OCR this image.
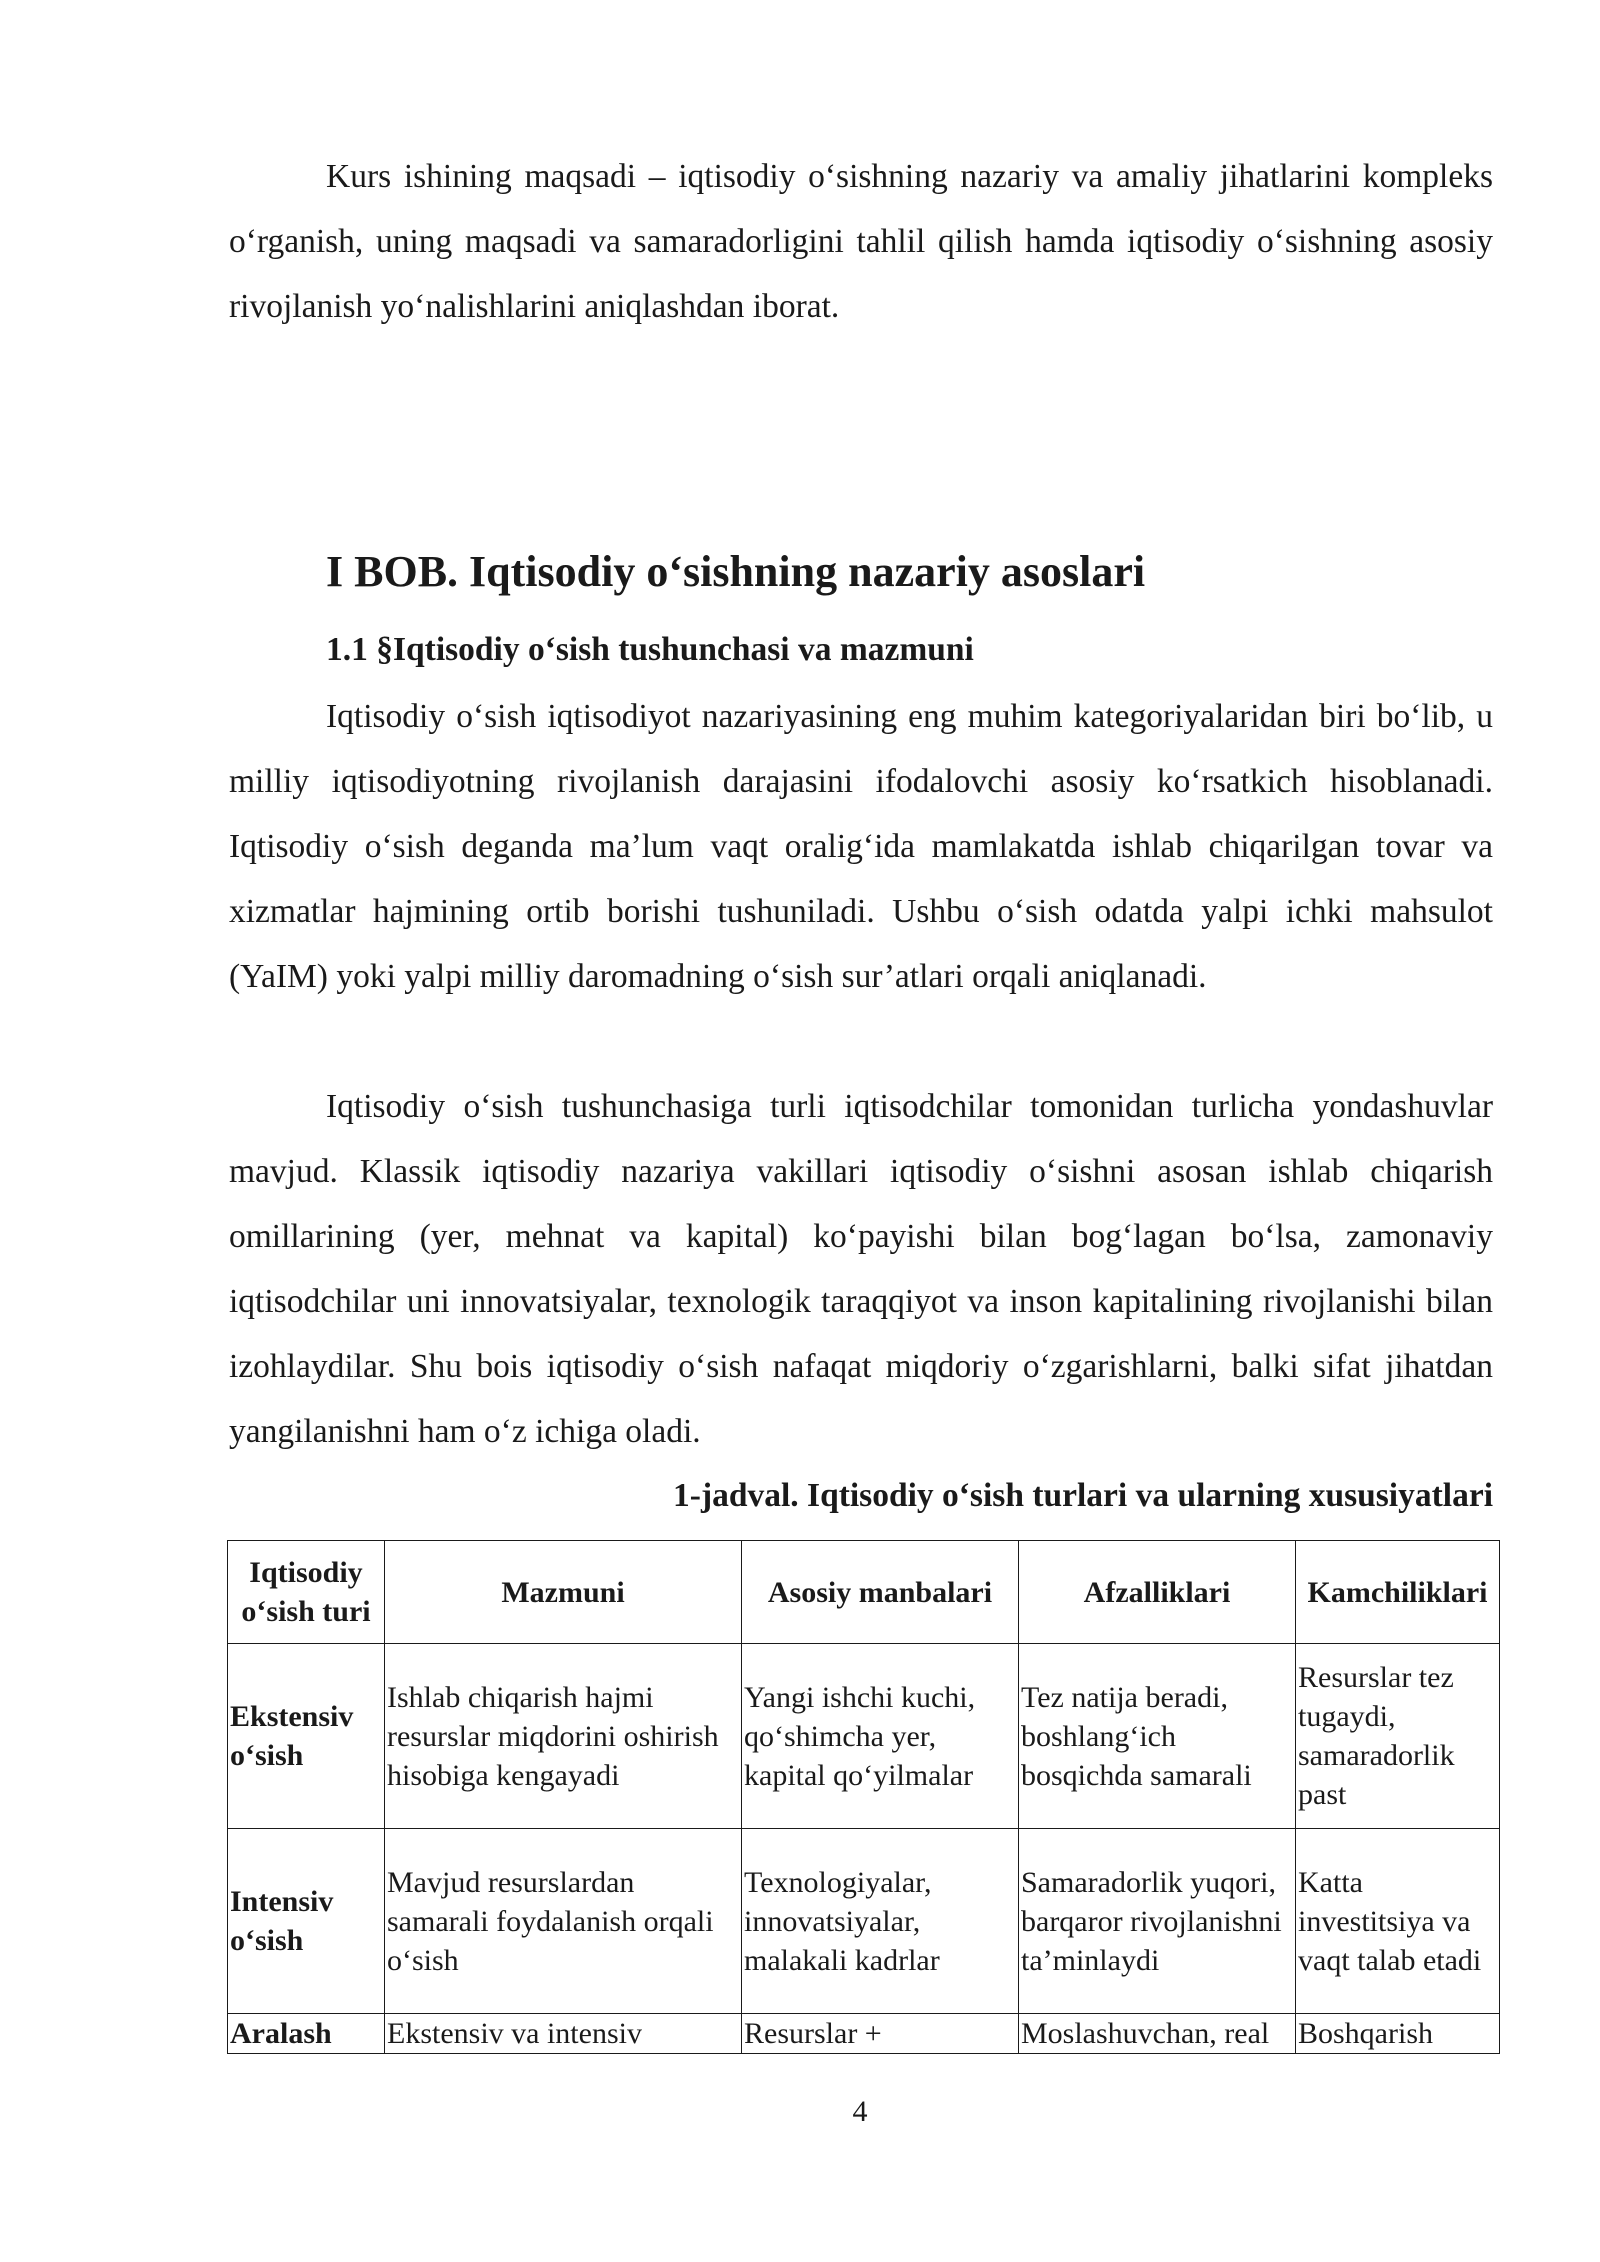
Kurs ishining maqsadi – iqtisodiy o‘sishning nazariy va amaliy jihatlarini kompleks o‘rganish, uning maqsadi va samaradorligini tahlil qilish hamda iqtisodiy o‘sishning asosiy rivojlanish yo‘nalishlarini aniqlashdan iborat.

I BOB. Iqtisodiy o‘sishning nazariy asoslari
1.1 §Iqtisodiy o‘sish tushunchasi va mazmuni

Iqtisodiy o‘sish iqtisodiyot nazariyasining eng muhim kategoriyalaridan biri bo‘lib, u milliy iqtisodiyotning rivojlanish darajasini ifodalovchi asosiy ko‘rsatkich hisoblanadi. Iqtisodiy o‘sish deganda ma’lum vaqt oralig‘ida mamlakatda ishlab chiqarilgan tovar va xizmatlar hajmining ortib borishi tushuniladi. Ushbu o‘sish odatda yalpi ichki mahsulot (YaIM) yoki yalpi milliy daromadning o‘sish sur’atlari orqali aniqlanadi.

Iqtisodiy o‘sish tushunchasiga turli iqtisodchilar tomonidan turlicha yondashuvlar mavjud. Klassik iqtisodiy nazariya vakillari iqtisodiy o‘sishni asosan ishlab chiqarish omillarining (yer, mehnat va kapital) ko‘payishi bilan bog‘lagan bo‘lsa, zamonaviy iqtisodchilar uni innovatsiyalar, texnologik taraqqiyot va inson kapitalining rivojlanishi bilan izohlaydilar. Shu bois iqtisodiy o‘sish nafaqat miqdoriy o‘zgarishlarni, balki sifat jihatdan yangilanishni ham o‘z ichiga oladi.

1-jadval. Iqtisodiy o‘sish turlari va ularning xususiyatlari

Iqtisodiy o‘sish turi	Mazmuni	Asosiy manbalari	Afzalliklari	Kamchiliklari
Ekstensiv o‘sish	Ishlab chiqarish hajmi resurslar miqdorini oshirish hisobiga kengayadi	Yangi ishchi kuchi, qo‘shimcha yer, kapital qo‘yilmalar	Tez natija beradi, boshlang‘ich bosqichda samarali	Resurslar tez tugaydi, samaradorlik past
Intensiv o‘sish	Mavjud resurslardan samarali foydalanish orqali o‘sish	Texnologiyalar, innovatsiyalar, malakali kadrlar	Samaradorlik yuqori, barqaror rivojlanishni ta’minlaydi	Katta investitsiya va vaqt talab etadi
Aralash	Ekstensiv va intensiv	Resurslar +	Moslashuvchan, real	Boshqarish

4
